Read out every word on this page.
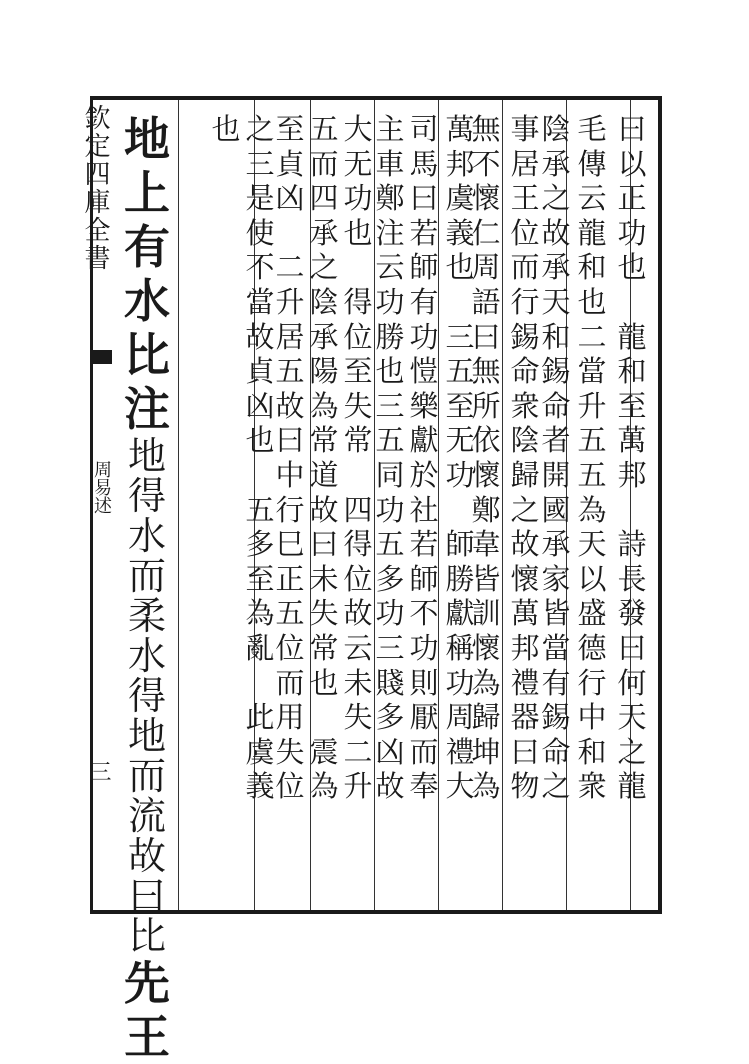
欽定四庫全書
周易述
三
地
上
有
水
比
注
地
得
水
而
柔
水
得
地
而
流
故
曰
比
先
王
曰
以
正
功
也

龍
和
至
萬
邦

詩
長
發
曰
何
天
之
龍
毛
傳
云
龍
和
也
二
當
升
五
五
為
天
以
盛
德
行
中
和
衆
陰
承
之
故
承
天
和
錫
命
者
開
國
承
家
皆
當
有
錫
命
之
事
居
王
位
而
行
錫
命
衆
陰
歸
之
故
懷
萬
邦
禮
器
曰
物
無
不
懷
仁
周
語
曰
無
所
依
懷
鄭
韋
皆
訓
懷
為
歸
坤
為
萬
邦
虞
義
也

三
五
至
无
功

師
勝
獻
稱
功
周
禮
大
司
馬
曰
若
師
有
功
愷
樂
獻
於
社
若
師
不
功
則
厭
而
奉
主
車
鄭
注
云
功
勝
也
三
五
同
功
五
多
功
三
賤
多
凶
故
大
无
功
也

得
位
至
失
常

四
得
位
故
云
未
失
二
升
五
而
四
承
之
陰
承
陽
為
常
道
故
曰
未
失
常
也

震
為
至
貞
凶

二
升
居
五
故
曰
中
行
巳
正
五
位
而
用
失
位
之
三
是
使
不
當
故
貞
凶
也

五
多
至
為
亂

此
虞
義
也
